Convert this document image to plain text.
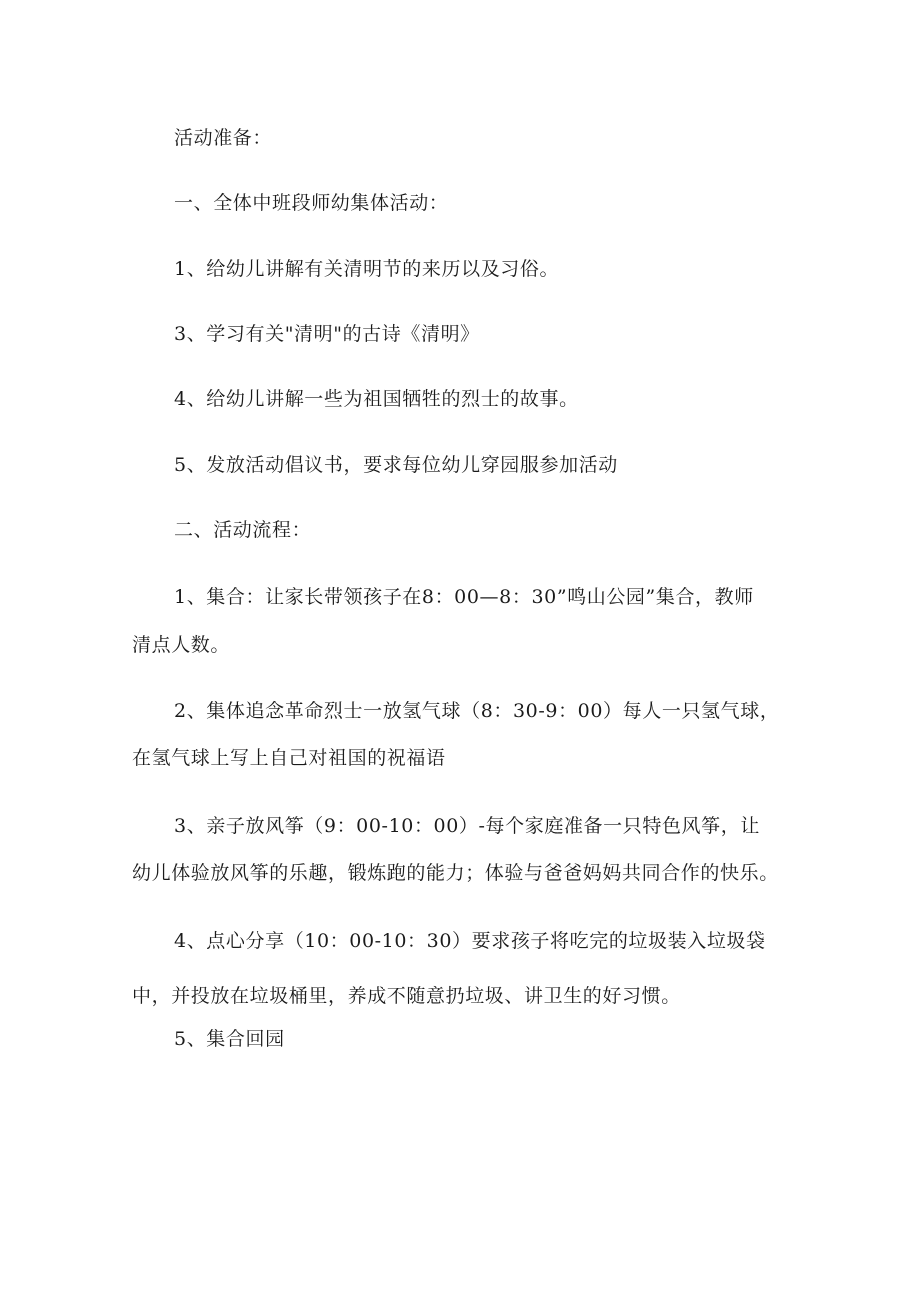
活动准备：

一、全体中班段师幼集体活动：

1、给幼儿讲解有关清明节的来历以及习俗。

3、学习有关"清明"的古诗《清明》

4、给幼儿讲解一些为祖国牺牲的烈士的故事。

5、发放活动倡议书，要求每位幼儿穿园服参加活动

二、活动流程：

1、集合：让家长带领孩子在8：00—8：30”鸣山公园”集合，教师

清点人数。

2、集体追念革命烈士一放氢气球（8：30-9：00）每人一只氢气球，

在氢气球上写上自己对祖国的祝福语

3、亲子放风筝（9：00-10：00）-每个家庭准备一只特色风筝，让

幼儿体验放风筝的乐趣，锻炼跑的能力；体验与爸爸妈妈共同合作的快乐。

4、点心分享（10：00-10：30）要求孩子将吃完的垃圾装入垃圾袋

中，并投放在垃圾桶里，养成不随意扔垃圾、讲卫生的好习惯。

5、集合回园
